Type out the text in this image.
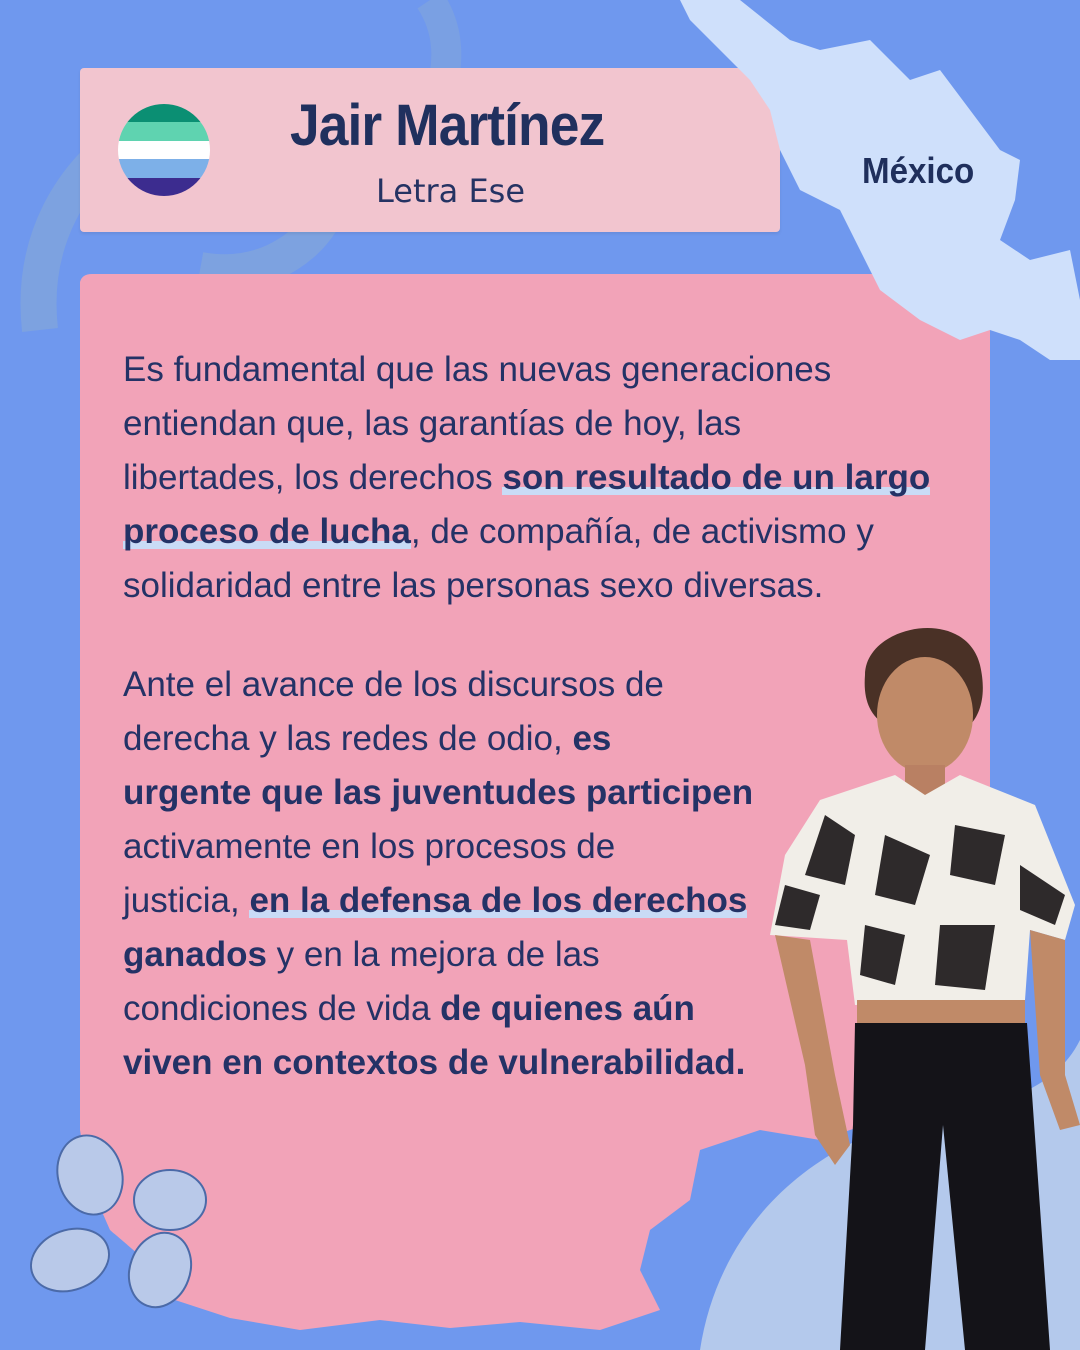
Jair Martínez
Letra Ese	México
Es fundamental que las nuevas generaciones
entiendan que, las garantías de hoy, las
libertades, los derechos son resultado de un largo
proceso de lucha, de compañía, de activismo y
solidaridad entre las personas sexo diversas.
Ante el avance de los discursos de
derecha y las redes de odio, es
urgente que las juventudes participen
activamente en los procesos de
justicia, en la defensa de los derechos
ganados y en la mejora de las
condiciones de vida de quienes aún
viven en contextos de vulnerabilidad.
